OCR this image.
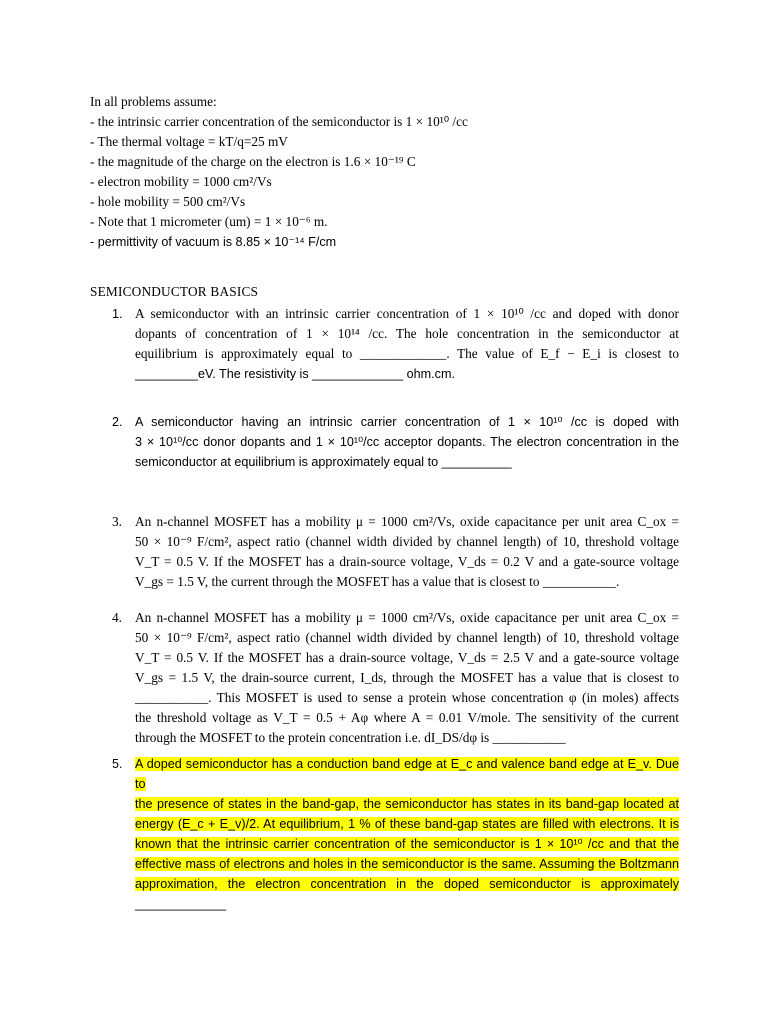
In all problems assume:
- the intrinsic carrier concentration of the semiconductor is 1 × 10¹⁰ /cc
- The thermal voltage = kT/q=25 mV
- the magnitude of the charge on the electron is 1.6 × 10⁻¹⁹ C
- electron mobility = 1000 cm²/Vs
- hole mobility = 500 cm²/Vs
- Note that 1 micrometer (um) = 1 × 10⁻⁶ m.
- permittivity of vacuum is 8.85 × 10⁻¹⁴ F/cm
SEMICONDUCTOR BASICS
1. A semiconductor with an intrinsic carrier concentration of 1 × 10¹⁰ /cc and doped with donor
dopants of concentration of 1 × 10¹⁴ /cc. The hole concentration in the semiconductor at
equilibrium is approximately equal to _____________. The value of E_f − E_i is closest to
_________eV. The resistivity is _____________ ohm.cm.
2. A semiconductor having an intrinsic carrier concentration of 1 × 10¹⁰ /cc is doped with
3 × 10¹⁰/cc donor dopants and 1 × 10¹⁰/cc acceptor dopants. The electron concentration in the
semiconductor at equilibrium is approximately equal to __________
3. An n-channel MOSFET has a mobility μ = 1000 cm²/Vs, oxide capacitance per unit area C_ox =
50 × 10⁻⁹ F/cm², aspect ratio (channel width divided by channel length) of 10, threshold voltage
V_T = 0.5 V. If the MOSFET has a drain-source voltage, V_ds = 0.2 V and a gate-source voltage
V_gs = 1.5 V, the current through the MOSFET has a value that is closest to ___________.
4. An n-channel MOSFET has a mobility μ = 1000 cm²/Vs, oxide capacitance per unit area C_ox =
50 × 10⁻⁹ F/cm², aspect ratio (channel width divided by channel length) of 10, threshold voltage
V_T = 0.5 V. If the MOSFET has a drain-source voltage, V_ds = 2.5 V and a gate-source voltage
V_gs = 1.5 V, the drain-source current, I_ds, through the MOSFET has a value that is closest to
___________. This MOSFET is used to sense a protein whose concentration φ (in moles) affects
the threshold voltage as V_T = 0.5 + Aφ where A = 0.01 V/mole. The sensitivity of the current
through the MOSFET to the protein concentration i.e. dI_DS/dφ is ___________
5. A doped semiconductor has a conduction band edge at E_c and valence band edge at E_v. Due to
the presence of states in the band-gap, the semiconductor has states in its band-gap located at
energy (E_c + E_v)/2. At equilibrium, 1 % of these band-gap states are filled with electrons. It is
known that the intrinsic carrier concentration of the semiconductor is 1 × 10¹⁰ /cc and that the
effective mass of electrons and holes in the semiconductor is the same. Assuming the Boltzmann
approximation, the electron concentration in the doped semiconductor is approximately
_____________
